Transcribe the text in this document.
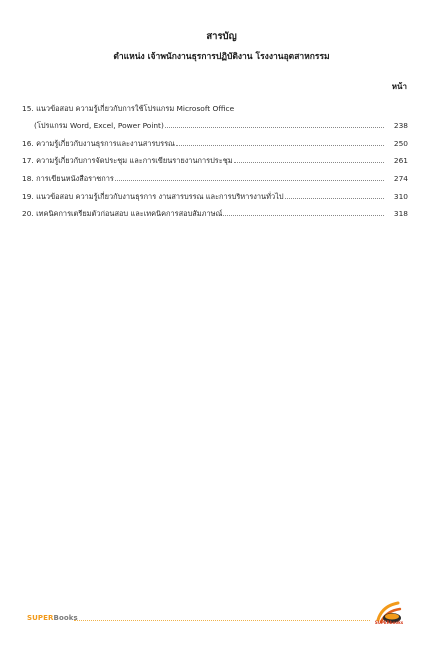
สารบัญ
ตำแหน่ง เจ้าพนักงานธุรการปฏิบัติงาน โรงงานอุตสาหกรรม
หน้า
15. แนวข้อสอบ ความรู้เกี่ยวกับการใช้โปรแกรม Microsoft Office
(โปรแกรม Word, Excel, Power Point)	238
16. ความรู้เกี่ยวกับงานธุรการและงานสารบรรณ	250
17. ความรู้เกี่ยวกับการจัดประชุม และการเขียนรายงานการประชุม	261
18. การเขียนหนังสือราชการ	274
19. แนวข้อสอบ ความรู้เกี่ยวกับงานธุรการ งานสารบรรณ และการบริหารงานทั่วไป	310
20. เทคนิคการเตรียมตัวก่อนสอบ และเทคนิคการสอบสัมภาษณ์	318
SUPERBooks
SUPERbooks
